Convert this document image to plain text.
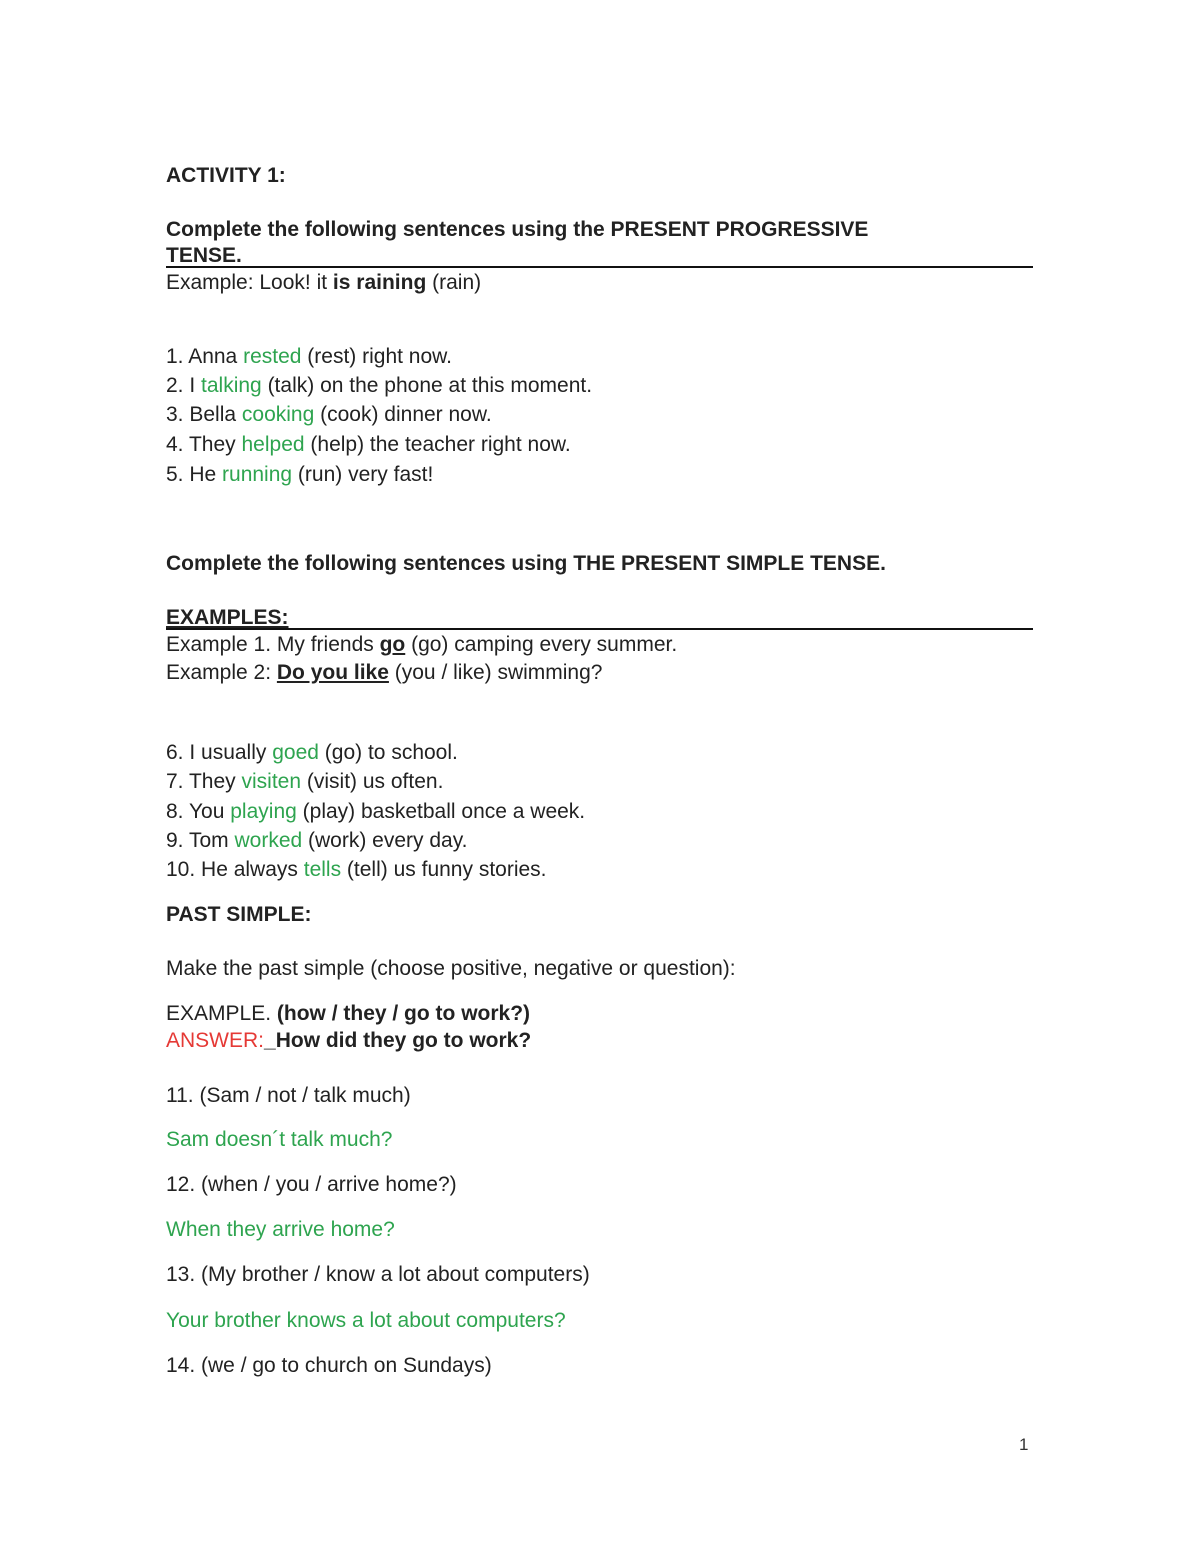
ACTIVITY 1:
Complete the following sentences using the PRESENT PROGRESSIVE
TENSE.
Example: Look! it is raining (rain)
1. Anna rested (rest) right now.
2. I talking (talk) on the phone at this moment.
3. Bella cooking (cook) dinner now.
4. They helped (help) the teacher right now.
5. He running (run) very fast!
Complete the following sentences using THE PRESENT SIMPLE TENSE.
EXAMPLES:
Example 1. My friends go (go) camping every summer.
Example 2: Do you like (you / like) swimming?
6. I usually goed (go) to school.
7. They visiten (visit) us often.
8. You playing (play) basketball once a week.
9. Tom worked (work) every day.
10. He always tells (tell) us funny stories.
PAST SIMPLE:
Make the past simple (choose positive, negative or question):
EXAMPLE. (how / they / go to work?)
ANSWER:_How did they go to work?
11. (Sam / not / talk much)
Sam doesn´t talk much?
12. (when / you / arrive home?)
When they arrive home?
13. (My brother / know a lot about computers)
Your brother knows a lot about computers?
14. (we / go to church on Sundays)
1
